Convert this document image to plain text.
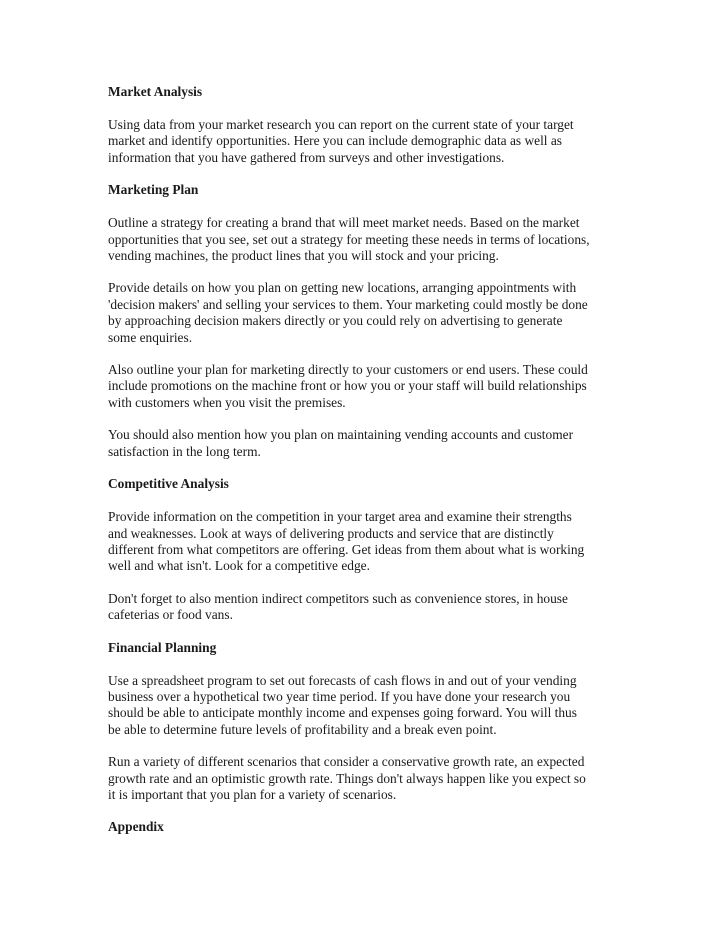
Market Analysis

Using data from your market research you can report on the current state of your target
market and identify opportunities. Here you can include demographic data as well as
information that you have gathered from surveys and other investigations.

Marketing Plan

Outline a strategy for creating a brand that will meet market needs. Based on the market
opportunities that you see, set out a strategy for meeting these needs in terms of locations,
vending machines, the product lines that you will stock and your pricing.

Provide details on how you plan on getting new locations, arranging appointments with
'decision makers' and selling your services to them. Your marketing could mostly be done
by approaching decision makers directly or you could rely on advertising to generate
some enquiries.

Also outline your plan for marketing directly to your customers or end users. These could
include promotions on the machine front or how you or your staff will build relationships
with customers when you visit the premises.

You should also mention how you plan on maintaining vending accounts and customer
satisfaction in the long term.

Competitive Analysis

Provide information on the competition in your target area and examine their strengths
and weaknesses. Look at ways of delivering products and service that are distinctly
different from what competitors are offering. Get ideas from them about what is working
well and what isn't. Look for a competitive edge.

Don't forget to also mention indirect competitors such as convenience stores, in house
cafeterias or food vans.

Financial Planning

Use a spreadsheet program to set out forecasts of cash flows in and out of your vending
business over a hypothetical two year time period. If you have done your research you
should be able to anticipate monthly income and expenses going forward. You will thus
be able to determine future levels of profitability and a break even point.

Run a variety of different scenarios that consider a conservative growth rate, an expected
growth rate and an optimistic growth rate. Things don't always happen like you expect so
it is important that you plan for a variety of scenarios.

Appendix
